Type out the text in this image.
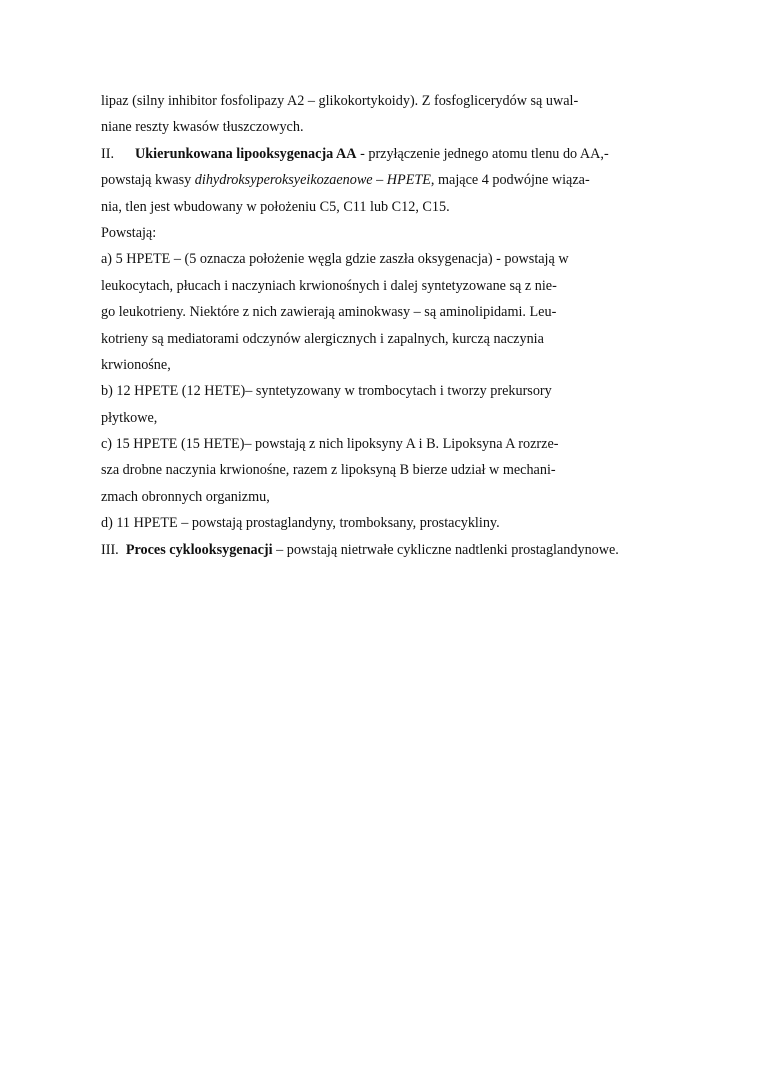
lipaz (silny inhibitor fosfolipazy A2 – glikokortykoidy). Z fosfoglicerydów są uwal-
niane reszty kwasów tłuszczowych.
II. Ukierunkowana lipooksygenacja AA - przyłączenie jednego atomu tlenu do AA,-
powstają kwasy dihydroksyperoksyeikozaenowe – HPETE, mające 4 podwójne wiąza-
nia, tlen jest wbudowany w położeniu C5, C11 lub C12, C15.
Powstają:
a) 5 HPETE – (5 oznacza położenie węgla gdzie zaszła oksygenacja) - powstają w
leukocytach, płucach i naczyniach krwionośnych i dalej syntetyzowane są z nie-
go leukotrieny. Niektóre z nich zawierają aminokwasy – są aminolipidami. Leu-
kotrieny są mediatorami odczynów alergicznych i zapalnych, kurczą naczynia
krwionośne,
b) 12 HPETE (12 HETE)– syntetyzowany w trombocytach i tworzy prekursory
płytkowe,
c) 15 HPETE (15 HETE)– powstają z nich lipoksyny A i B. Lipoksyna A rozrze-
sza drobne naczynia krwionośne, razem z lipoksyną B bierze udział w mechani-
zmach obronnych organizmu,
d) 11 HPETE – powstają prostaglandyny, tromboksany, prostacykliny.
III. Proces cyklooksygenacji – powstają nietrwałe cykliczne nadtlenki prostaglandynowe.
